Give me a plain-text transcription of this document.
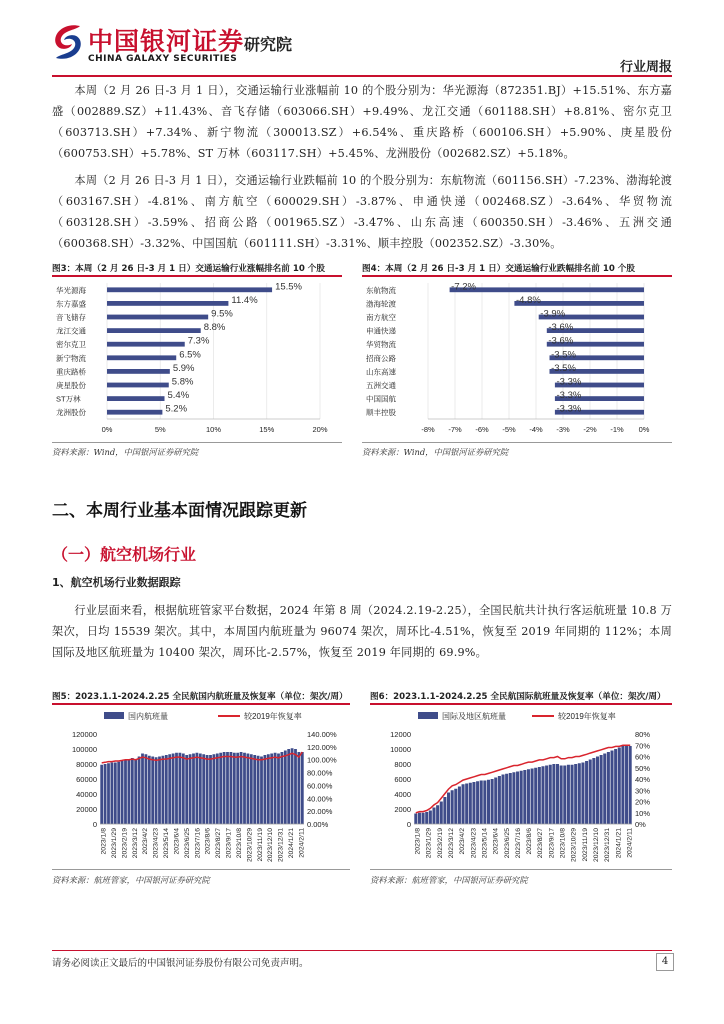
中国银河证券
CHINA GALAXY SECURITIES
研究院
行业周报
本周（2 月 26 日-3 月 1 日），交通运输行业涨幅前 10 的个股分别为：华光源海（872351.BJ）+15.51%、东方嘉盛（002889.SZ）+11.43%、音飞存储（603066.SH）+9.49%、龙江交通（601188.SH）+8.81%、密尔克卫（603713.SH）+7.34%、新宁物流（300013.SZ）+6.54%、重庆路桥（600106.SH）+5.90%、庚星股份（600753.SH）+5.78%、ST 万林（603117.SH）+5.45%、龙洲股份（002682.SZ）+5.18%。
本周（2 月 26 日-3 月 1 日），交通运输行业跌幅前 10 的个股分别为：东航物流（601156.SH）-7.23%、渤海轮渡（603167.SH）-4.81%、南方航空（600029.SH）-3.87%、申通快递（002468.SZ）-3.64%、华贸物流（603128.SH）-3.59%、招商公路（001965.SZ）-3.47%、山东高速（600350.SH）-3.46%、五洲交通（600368.SH）-3.32%、中国国航（601111.SH）-3.31%、顺丰控股（002352.SZ）-3.30%。
图3：本周（2 月 26 日-3 月 1 日）交通运输行业涨幅排名前 10 个股
0%	5%	10%	15%	20%
华光源海	15.5%
东方嘉盛	11.4%
音飞储存	9.5%
龙江交通	8.8%
密尔克卫	7.3%
新宁物流	6.5%
重庆路桥	5.9%
庚星股份	5.8%
ST万林	5.4%
龙洲股份	5.2%
资料来源：Wind，中国银河证券研究院
图4：本周（2 月 26 日-3 月 1 日）交通运输行业跌幅排名前 10 个股
-8% -7% -6% -5% -4% -3% -2% -1% 0%
东航物流	-7.2%
渤海轮渡	-4.8%
南方航空	-3.9%
申通快递	-3.6%
华贸物流	-3.6%
招商公路	-3.5%
山东高速	-3.5%
五洲交通	-3.3%
中国国航	-3.3%
顺丰控股	-3.3%
资料来源：Wind，中国银河证券研究院
二、本周行业基本面情况跟踪更新
（一）航空机场行业
1、航空机场行业数据跟踪
行业层面来看，根据航班管家平台数据，2024 年第 8 周（2024.2.19-2.25），全国民航共计执行客运航班量 10.8 万架次，日均 15539 架次。其中，本周国内航班量为 96074 架次，周环比-4.51%，恢复至 2019 年同期的 112%；本周国际及地区航班量为 10400 架次，周环比-2.57%，恢复至 2019 年同期的 69.9%。
图5：2023.1.1-2024.2.25 全民航国内航班量及恢复率（单位：架次/周）
国内航班量	较2019年恢复率
0
20000
40000
60000
80000
100000
120000
0.00%
20.00%
40.00%
60.00%
80.00%
100.00%
120.00%
140.00%
2023/1/8 2023/1/29 2023/2/19 2023/3/12 2023/4/2 2023/4/23 2023/5/14 2023/6/4 2023/6/25 2023/7/16 2023/8/6 2023/8/27 2023/9/17 2023/10/8 2023/10/29 2023/11/19 2023/12/10 2023/12/31 2024/1/21 2024/2/11
资料来源：航班管家，中国银河证券研究院
图6：2023.1.1-2024.2.25 全民航国际航班量及恢复率（单位：架次/周）
国际及地区航班量	较2019年恢复率
0
2000
4000
6000
8000
10000
12000
0%
10%
20%
30%
40%
50%
60%
70%
80%
2023/1/8 2023/1/29 2023/2/19 2023/3/12 2023/4/2 2023/4/23 2023/5/14 2023/6/4 2023/6/25 2023/7/16 2023/8/6 2023/8/27 2023/9/17 2023/10/8 2023/10/29 2023/11/19 2023/12/10 2023/12/31 2024/1/21 2024/2/11
资料来源：航班管家，中国银河证券研究院
请务必阅读正文最后的中国银河证券股份有限公司免责声明。	4
